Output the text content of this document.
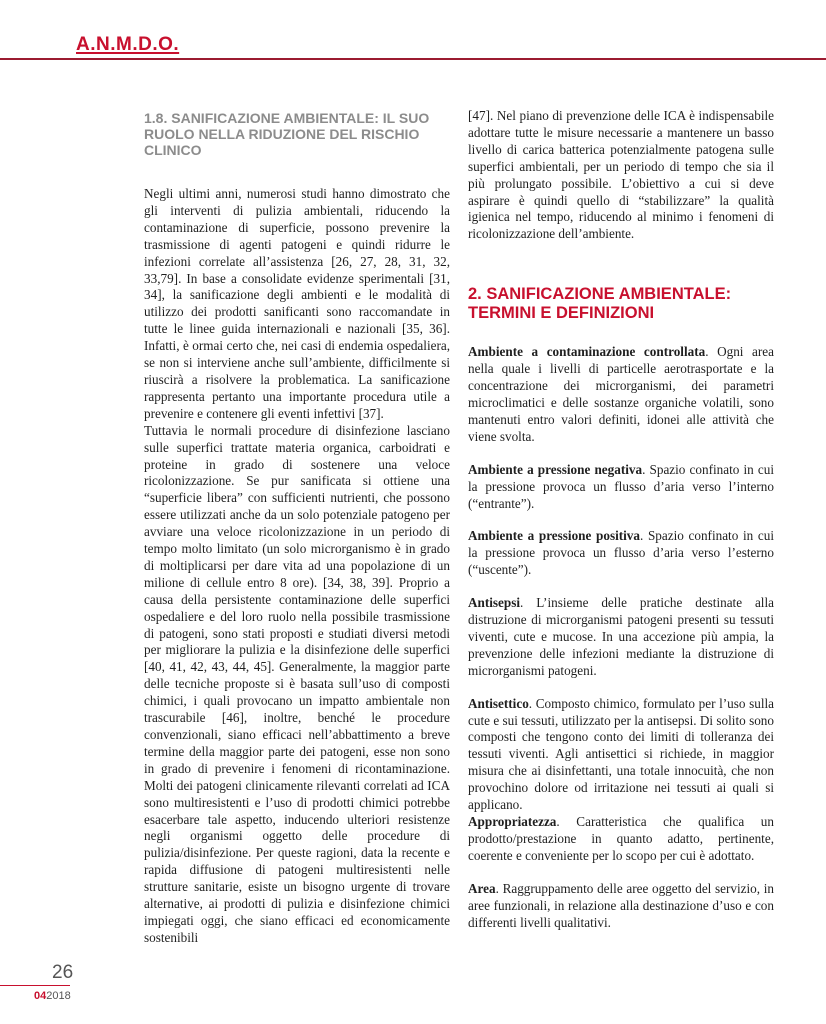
A.N.M.D.O.
1.8. SANIFICAZIONE AMBIENTALE: IL SUO RUOLO NELLA RIDUZIONE DEL RISCHIO CLINICO

Negli ultimi anni, numerosi studi hanno dimostrato che gli interventi di pulizia ambientali, riducendo la contaminazione di superficie, possono prevenire la trasmissione di agenti patogeni e quindi ridurre le infezioni correlate all’assistenza [26, 27, 28, 31, 32, 33,79]. In base a consolidate evidenze sperimentali [31, 34], la sanificazione degli ambienti e le modalità di utilizzo dei prodotti sanificanti sono raccomandate in tutte le linee guida internazionali e nazionali [35, 36]. Infatti, è ormai certo che, nei casi di endemia ospedaliera, se non si interviene anche sull’ambiente, difficilmente si riuscirà a risolvere la problematica. La sanificazione rappresenta pertanto una importante procedura utile a prevenire e contenere gli eventi infettivi [37].

Tuttavia le normali procedure di disinfezione lasciano sulle superfici trattate materia organica, carboidrati e proteine in grado di sostenere una veloce ricolonizzazione. Se pur sanificata si ottiene una “superficie libera” con sufficienti nutrienti, che possono essere utilizzati anche da un solo potenziale patogeno per avviare una veloce ricolonizzazione in un periodo di tempo molto limitato (un solo microrganismo è in grado di moltiplicarsi per dare vita ad una popolazione di un milione di cellule entro 8 ore). [34, 38, 39]. Proprio a causa della persistente contaminazione delle superfici ospedaliere e del loro ruolo nella possibile trasmissione di patogeni, sono stati proposti e studiati diversi metodi per migliorare la pulizia e la disinfezione delle superfici [40, 41, 42, 43, 44, 45]. Generalmente, la maggior parte delle tecniche proposte si è basata sull’uso di composti chimici, i quali provocano un impatto ambientale non trascurabile [46], inoltre, benché le procedure convenzionali, siano efficaci nell’abbattimento a breve termine della maggior parte dei patogeni, esse non sono in grado di prevenire i fenomeni di ricontaminazione. Molti dei patogeni clinicamente rilevanti correlati ad ICA sono multiresistenti e l’uso di prodotti chimici potrebbe esacerbare tale aspetto, inducendo ulteriori resistenze negli organismi oggetto delle procedure di pulizia/disinfezione. Per queste ragioni, data la recente e rapida diffusione di patogeni multiresistenti nelle strutture sanitarie, esiste un bisogno urgente di trovare alternative, ai prodotti di pulizia e disinfezione chimici impiegati oggi, che siano efficaci ed economicamente sostenibili

[47]. Nel piano di prevenzione delle ICA è indispensabile adottare tutte le misure necessarie a mantenere un basso livello di carica batterica potenzialmente patogena sulle superfici ambientali, per un periodo di tempo che sia il più prolungato possibile. L’obiettivo a cui si deve aspirare è quindi quello di “stabilizzare” la qualità igienica nel tempo, riducendo al minimo i fenomeni di ricolonizzazione dell’ambiente.

2. SANIFICAZIONE AMBIENTALE: TERMINI E DEFINIZIONI

Ambiente a contaminazione controllata. Ogni area nella quale i livelli di particelle aerotrasportate e la concentrazione dei microrganismi, dei parametri microclimatici e delle sostanze organiche volatili, sono mantenuti entro valori definiti, idonei alle attività che viene svolta.

Ambiente a pressione negativa. Spazio confinato in cui la pressione provoca un flusso d’aria verso l’interno (“entrante”).

Ambiente a pressione positiva. Spazio confinato in cui la pressione provoca un flusso d’aria verso l’esterno (“uscente”).

Antisepsi. L’insieme delle pratiche destinate alla distruzione di microrganismi patogeni presenti su tessuti viventi, cute e mucose. In una accezione più ampia, la prevenzione delle infezioni mediante la distruzione di microrganismi patogeni.

Antisettico. Composto chimico, formulato per l’uso sulla cute e sui tessuti, utilizzato per la antisepsi. Di solito sono composti che tengono conto dei limiti di tolleranza dei tessuti viventi. Agli antisettici si richiede, in maggior misura che ai disinfettanti, una totale innocuità, che non provochino dolore od irritazione nei tessuti ai quali si applicano.

Appropriatezza. Caratteristica che qualifica un prodotto/prestazione in quanto adatto, pertinente, coerente e conveniente per lo scopo per cui è adottato.

Area. Raggruppamento delle aree oggetto del servizio, in aree funzionali, in relazione alla destinazione d’uso e con differenti livelli qualitativi.

26
042018
